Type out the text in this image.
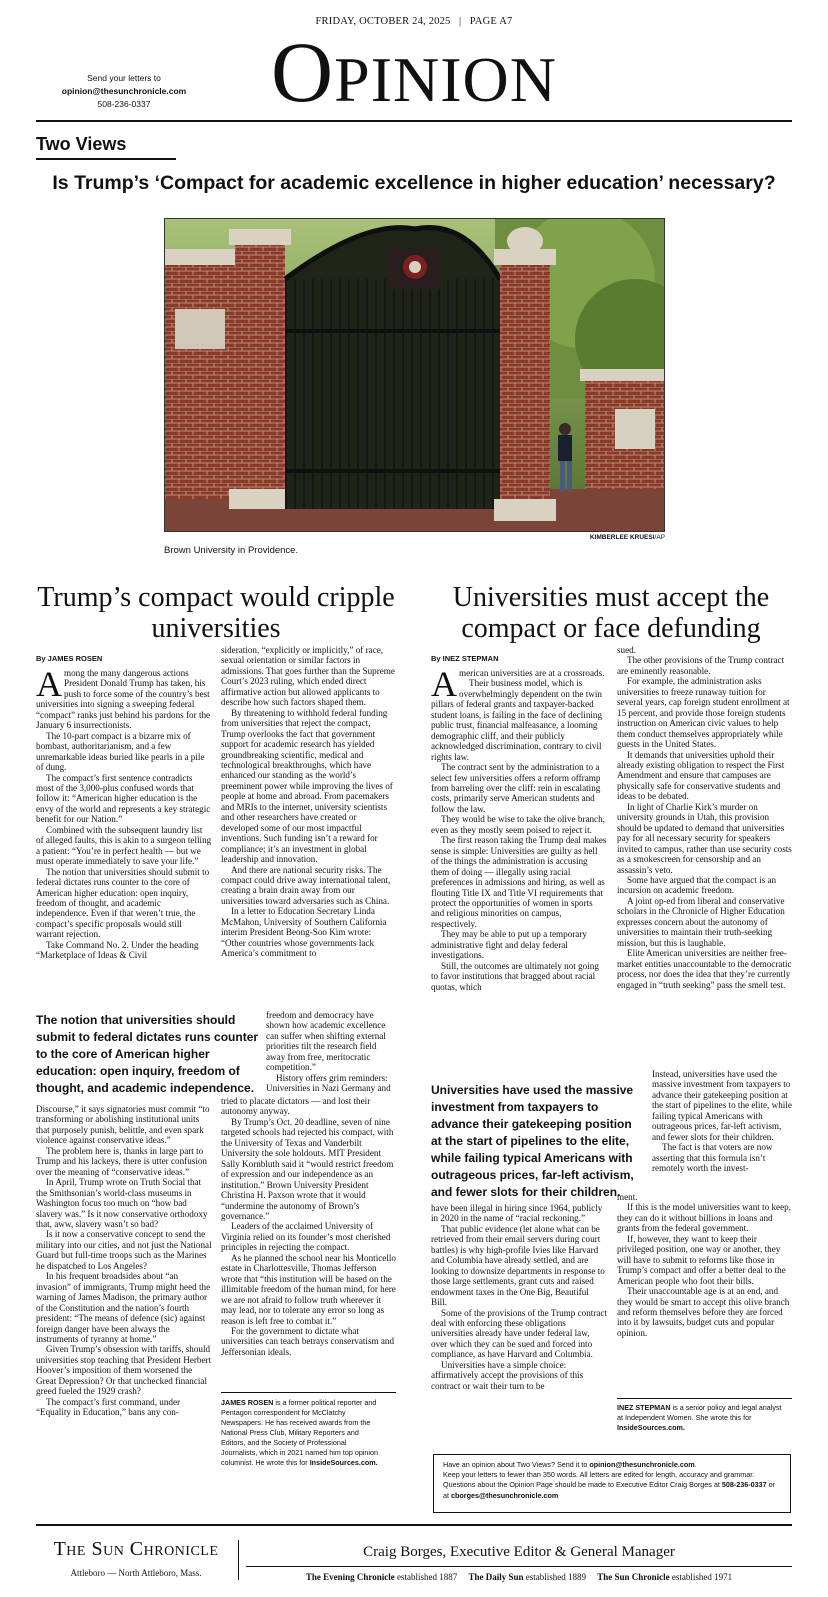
Send your letters to
opinion@thesunchronicle.com
508-236-0337
FRIDAY, OCTOBER 24, 2025   |   PAGE A7
OPINION
Two Views
Is Trump’s ‘Compact for academic excellence in higher education’ necessary?
KIMBERLEE KRUESI/AP
Brown University in Providence.
Trump’s compact would cripple universities
By JAMES ROSEN
A mong the many dangerous actions President Donald Trump has taken, his push to force some of the country’s best universities into signing a sweeping federal “compact” ranks just behind his pardons for the January 6 insurrectionists.

The 10-part compact is a bizarre mix of bombast, authoritarianism, and a few unremarkable ideas buried like pearls in a pile of dung.

The compact’s first sentence contradicts most of the 3,000-plus confused words that follow it: “American higher education is the envy of the world and represents a key strategic benefit for our Nation.”

Combined with the subsequent laundry list of alleged faults, this is akin to a surgeon telling a patient: “You’re in perfect health — but we must operate immediately to save your life.”

The notion that universities should submit to federal dictates runs counter to the core of American higher education: open inquiry, freedom of thought, and academic independence. Even if that weren’t true, the compact’s specific proposals would still warrant rejection.

Take Command No. 2. Under the heading “Marketplace of Ideas & Civil

The notion that universities should submit to federal dictates runs counter to the core of American higher education: open inquiry, freedom of thought, and academic independence.

Discourse,” it says signatories must commit “to transforming or abolishing institutional units that purposely punish, belittle, and even spark violence against conservative ideas.”

The problem here is, thanks in large part to Trump and his lackeys, there is utter confusion over the meaning of “conservative ideas.”

In April, Trump wrote on Truth Social that the Smithsonian’s world-class museums in Washington focus too much on “how bad slavery was.” Is it now conservative orthodoxy that, aww, slavery wasn’t so bad?

Is it now a conservative concept to send the military into our cities, and not just the National Guard but full-time troops such as the Marines he dispatched to Los Angeles?

In his frequent broadsides about “an invasion” of immigrants, Trump might heed the warning of James Madison, the primary author of the Constitution and the nation’s fourth president: “The means of defence (sic) against foreign danger have been always the instruments of tyranny at home.”

Given Trump’s obsession with tariffs, should universities stop teaching that President Herbert Hoover’s imposition of them worsened the Great Depression? Or that unchecked financial greed fueled the 1929 crash?

The compact’s first command, under “Equality in Education,” bans any con-

sideration, “explicitly or implicitly,” of race, sexual orientation or similar factors in admissions. That goes further than the Supreme Court’s 2023 ruling, which ended direct affirmative action but allowed applicants to describe how such factors shaped them.

By threatening to withhold federal funding from universities that reject the compact, Trump overlooks the fact that government support for academic research has yielded groundbreaking scientific, medical and technological breakthroughs, which have enhanced our standing as the world’s preeminent power while improving the lives of people at home and abroad. From pacemakers and MRIs to the internet, university scientists and other researchers have created or developed some of our most impactful inventions. Such funding isn’t a reward for compliance; it’s an investment in global leadership and innovation.

And there are national security risks. The compact could drive away international talent, creating a brain drain away from our universities toward adversaries such as China.

In a letter to Education Secretary Linda McMahon, University of Southern California interim President Beong-Soo Kim wrote: “Other countries whose governments lack America’s commitment to

freedom and democracy have shown how academic excellence can suffer when shifting external priorities tilt the research field away from free, meritocratic competition.”

History offers grim reminders: Universities in Nazi Germany and

tried to placate dictators — and lost their autonomy anyway.

By Trump’s Oct. 20 deadline, seven of nine targeted schools had rejected his compact, with the University of Texas and Vanderbilt University the sole holdouts. MIT President Sally Kornbluth said it “would restrict freedom of expression and our independence as an institution.” Brown University President Christina H. Paxson wrote that it would “undermine the autonomy of Brown’s governance.”

Leaders of the acclaimed University of Virginia relied on its founder’s most cherished principles in rejecting the compact.

As he planned the school near his Monticello estate in Charlottesville, Thomas Jefferson wrote that “this institution will be based on the illimitable freedom of the human mind, for here we are not afraid to follow truth wherever it may lead, nor to tolerate any error so long as reason is left free to combat it.”

For the government to dictate what universities can teach betrays conservatism and Jeffersonian ideals.

JAMES ROSEN is a former political reporter and Pentagon correspondent for McClatchy Newspapers. He has received awards from the National Press Club, Military Reporters and Editors, and the Society of Professional Journalists, which in 2021 named him top opinion columnist. He wrote this for InsideSources.com.
Universities must accept the compact or face defunding
By INEZ STEPMAN
A merican universities are at a crossroads.

Their business model, which is overwhelmingly dependent on the twin pillars of federal grants and taxpayer-backed student loans, is failing in the face of declining public trust, financial malfeasance, a looming demographic cliff, and their publicly acknowledged discrimination, contrary to civil rights law.

The contract sent by the administration to a select few universities offers a reform offramp from barreling over the cliff: rein in escalating costs, primarily serve American students and follow the law.

They would be wise to take the olive branch, even as they mostly seem poised to reject it.

The first reason taking the Trump deal makes sense is simple: Universities are guilty as hell of the things the administration is accusing them of doing — illegally using racial preferences in admissions and hiring, as well as flouting Title IX and Title VI requirements that protect the opportunities of women in sports and religious minorities on campus, respectively.

They may be able to put up a temporary administrative fight and delay federal investigations.

Still, the outcomes are ultimately not going to favor institutions that bragged about racial quotas, which

Universities have used the massive investment from taxpayers to advance their gatekeeping position at the start of pipelines to the elite, while failing typical Americans with outrageous prices, far-left activism, and fewer slots for their children.

have been illegal in hiring since 1964, publicly in 2020 in the name of “racial reckoning.”

That public evidence (let alone what can be retrieved from their email servers during court battles) is why high-profile Ivies like Harvard and Columbia have already settled, and are looking to downsize departments in response to those large settlements, grant cuts and raised endowment taxes in the One Big, Beautiful Bill.

Some of the provisions of the Trump contract deal with enforcing these obligations universities already have under federal law, over which they can be sued and forced into compliance, as have Harvard and Columbia.

Universities have a simple choice: affirmatively accept the provisions of this contract or wait their turn to be

sued.

The other provisions of the Trump contract are eminently reasonable.

For example, the administration asks universities to freeze runaway tuition for several years, cap foreign student enrollment at 15 percent, and provide those foreign students instruction on American civic values to help them conduct themselves appropriately while guests in the United States.

It demands that universities uphold their already existing obligation to respect the First Amendment and ensure that campuses are physically safe for conservative students and ideas to be debated.

In light of Charlie Kirk’s murder on university grounds in Utah, this provision should be updated to demand that universities pay for all necessary security for speakers invited to campus, rather than use security costs as a smokescreen for censorship and an assassin’s veto.

Some have argued that the compact is an incursion on academic freedom.

A joint op-ed from liberal and conservative scholars in the Chronicle of Higher Education expresses concern about the autonomy of universities to maintain their truth-seeking mission, but this is laughable.

Elite American universities are neither free-market entities unaccountable to the democratic process, nor does the idea that they’re currently engaged in “truth seeking” pass the smell test.

Instead, universities have used the massive investment from taxpayers to advance their gatekeeping position at the start of pipelines to the elite, while failing typical Americans with outrageous prices, far-left activism, and fewer slots for their children.

The fact is that voters are now asserting that this formula isn’t remotely worth the invest-

ment.

If this is the model universities want to keep, they can do it without billions in loans and grants from the federal government.

If, however, they want to keep their privileged position, one way or another, they will have to submit to reforms like those in Trump’s compact and offer a better deal to the American people who foot their bills.

Their unaccountable age is at an end, and they would be smart to accept this olive branch and reform themselves before they are forced into it by lawsuits, budget cuts and popular opinion.

INEZ STEPMAN is a senior policy and legal analyst at Independent Women. She wrote this for InsideSources.com.
Have an opinion about Two Views? Send it to opinion@thesunchronicle.com.
Keep your letters to fewer than 350 words. All letters are edited for length, accuracy and grammar. Questions about the Opinion Page should be made to Executive Editor Craig Borges at 508-236-0337 or at cborges@thesunchronicle.com
The Sun Chronicle
Attleboro — North Attleboro, Mass.
Craig Borges, Executive Editor & General Manager
The Evening Chronicle established 1887 The Daily Sun established 1889 The Sun Chronicle established 1971
